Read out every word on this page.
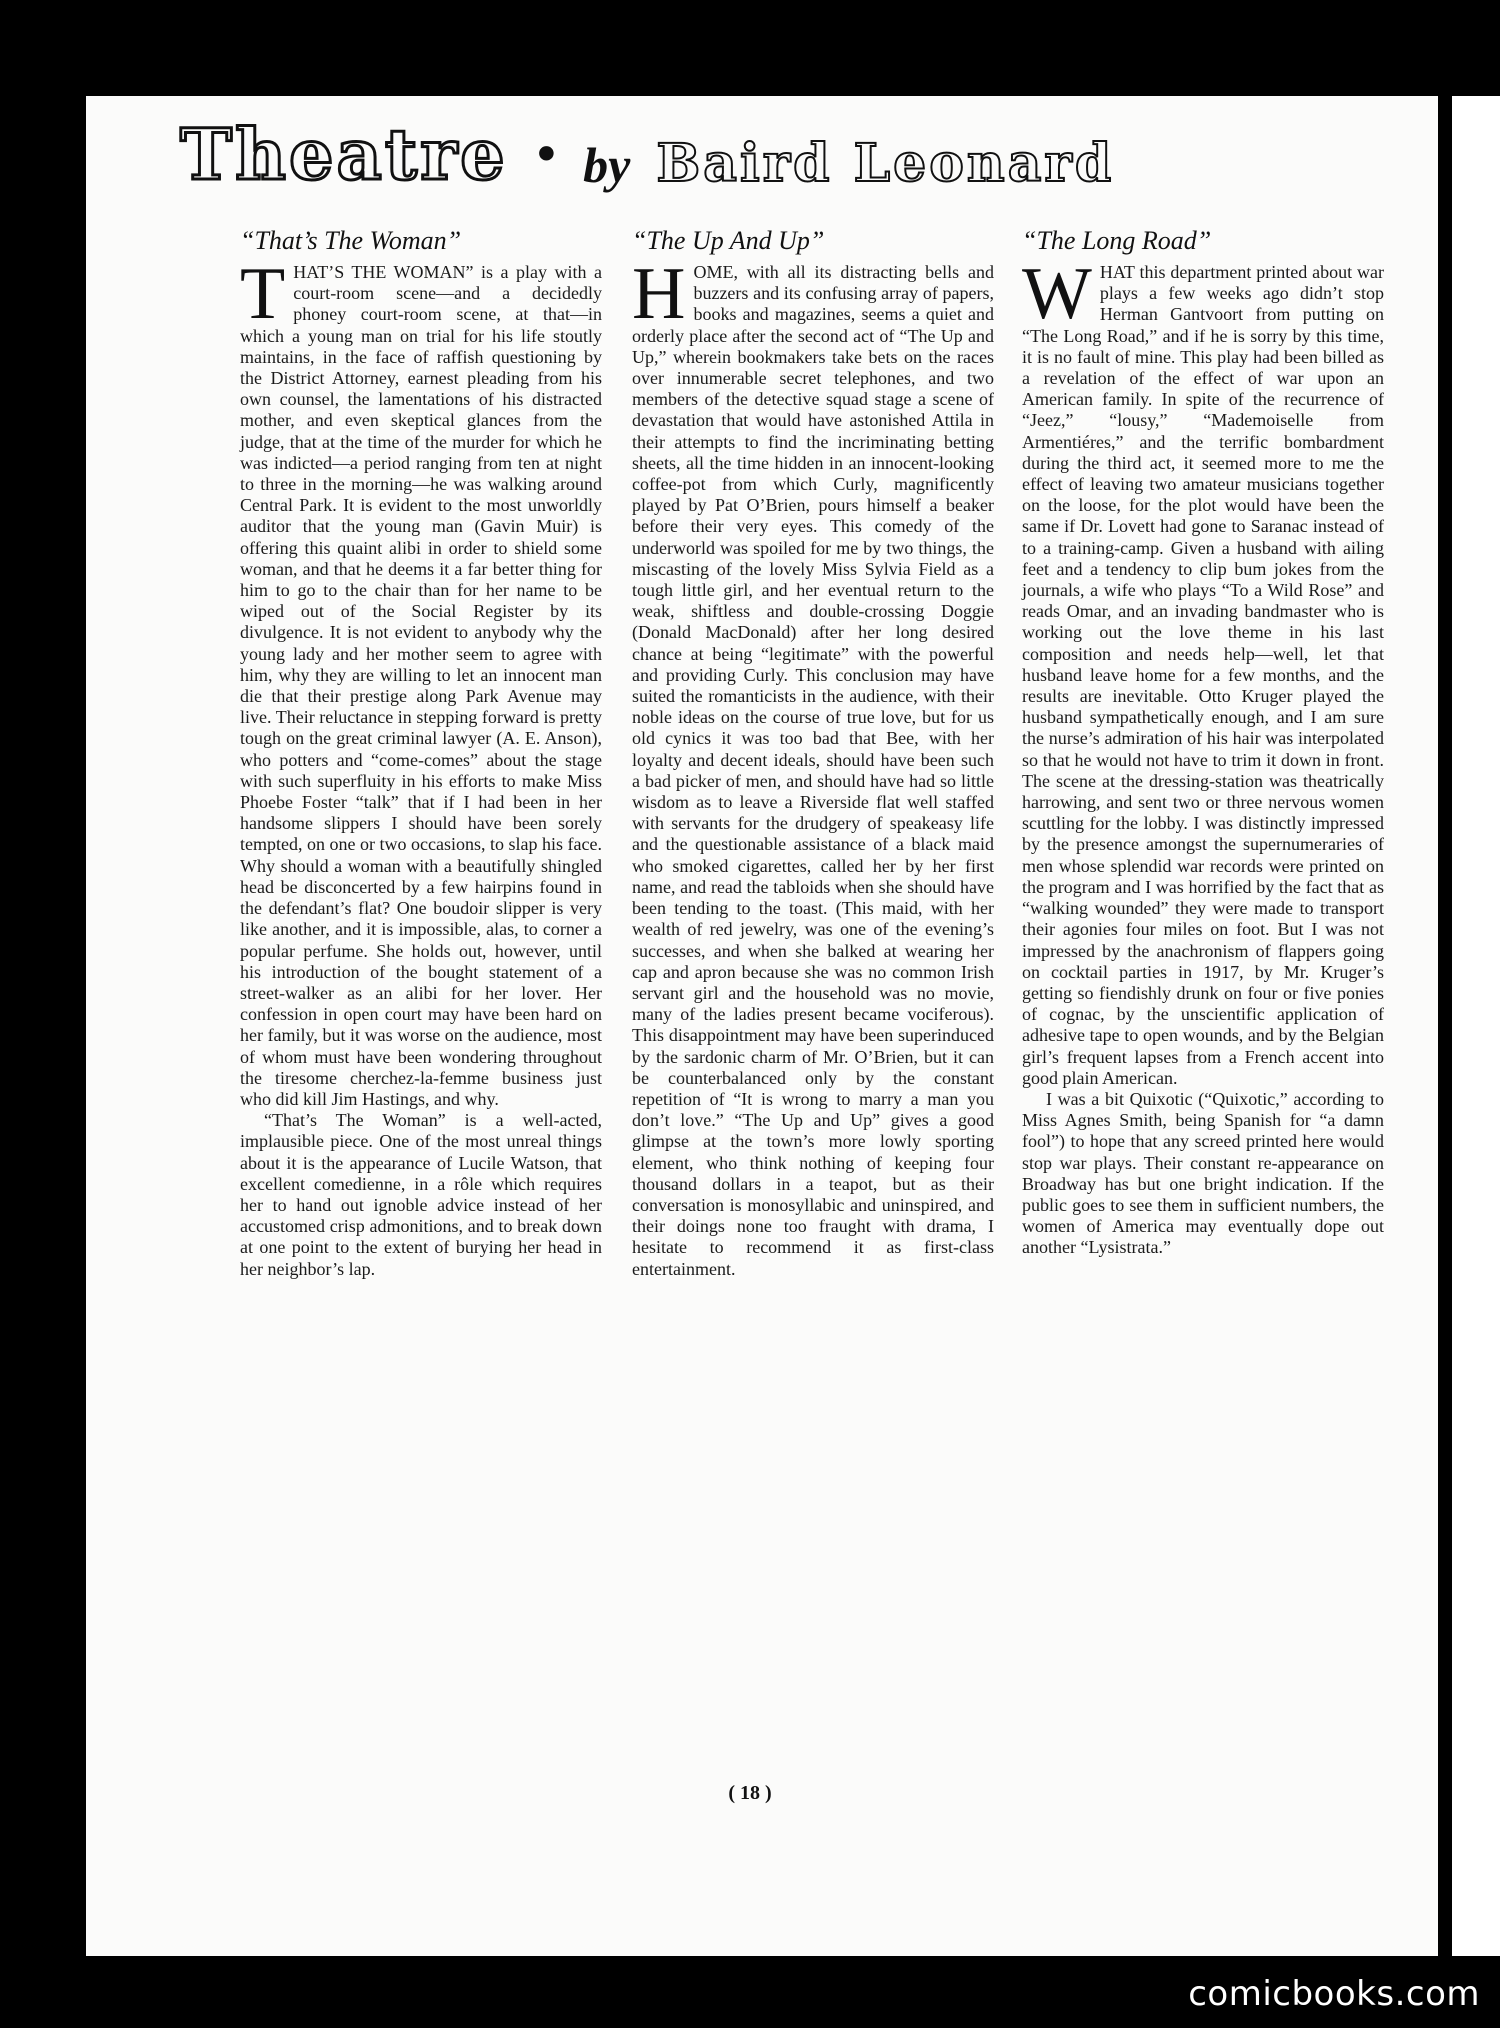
Theatre • by Baird Leonard
“That’s The Woman”
T HAT’S THE WOMAN” is a play with a court-room scene—and a decidedly phoney court-room scene, at that—in which a young man on trial for his life stoutly maintains, in the face of raffish questioning by the District Attorney, earnest pleading from his own counsel, the lamentations of his distracted mother, and even skeptical glances from the judge, that at the time of the murder for which he was indicted—a period ranging from ten at night to three in the morning—he was walking around Central Park. It is evident to the most unworldly auditor that the young man (Gavin Muir) is offering this quaint alibi in order to shield some woman, and that he deems it a far better thing for him to go to the chair than for her name to be wiped out of the Social Register by its divulgence. It is not evident to anybody why the young lady and her mother seem to agree with him, why they are willing to let an innocent man die that their prestige along Park Avenue may live. Their reluctance in stepping forward is pretty tough on the great criminal lawyer (A. E. Anson), who potters and “come-comes” about the stage with such superfluity in his efforts to make Miss Phoebe Foster “talk” that if I had been in her handsome slippers I should have been sorely tempted, on one or two occasions, to slap his face. Why should a woman with a beautifully shingled head be disconcerted by a few hairpins found in the defendant’s flat? One boudoir slipper is very like another, and it is impossible, alas, to corner a popular perfume. She holds out, however, until his introduction of the bought statement of a street-walker as an alibi for her lover. Her confession in open court may have been hard on her family, but it was worse on the audience, most of whom must have been wondering throughout the tiresome cherchez-la-femme business just who did kill Jim Hastings, and why.

“That’s The Woman” is a well-acted, implausible piece. One of the most unreal things about it is the appearance of Lucile Watson, that excellent comedienne, in a rôle which requires her to hand out ignoble advice instead of her accustomed crisp admonitions, and to break down at one point to the extent of burying her head in her neighbor’s lap.

“The Up And Up”
H OME, with all its distracting bells and buzzers and its confusing array of papers, books and magazines, seems a quiet and orderly place after the second act of “The Up and Up,” wherein bookmakers take bets on the races over innumerable secret telephones, and two members of the detective squad stage a scene of devastation that would have astonished Attila in their attempts to find the incriminating betting sheets, all the time hidden in an innocent-looking coffee-pot from which Curly, magnificently played by Pat O’Brien, pours himself a beaker before their very eyes. This comedy of the underworld was spoiled for me by two things, the miscasting of the lovely Miss Sylvia Field as a tough little girl, and her eventual return to the weak, shiftless and double-crossing Doggie (Donald MacDonald) after her long desired chance at being “legitimate” with the powerful and providing Curly. This conclusion may have suited the romanticists in the audience, with their noble ideas on the course of true love, but for us old cynics it was too bad that Bee, with her loyalty and decent ideals, should have been such a bad picker of men, and should have had so little wisdom as to leave a Riverside flat well staffed with servants for the drudgery of speakeasy life and the questionable assistance of a black maid who smoked cigarettes, called her by her first name, and read the tabloids when she should have been tending to the toast. (This maid, with her wealth of red jewelry, was one of the evening’s successes, and when she balked at wearing her cap and apron because she was no common Irish servant girl and the household was no movie, many of the ladies present became vociferous). This disappointment may have been superinduced by the sardonic charm of Mr. O’Brien, but it can be counterbalanced only by the constant repetition of “It is wrong to marry a man you don’t love.” “The Up and Up” gives a good glimpse at the town’s more lowly sporting element, who think nothing of keeping four thousand dollars in a teapot, but as their conversation is monosyllabic and uninspired, and their doings none too fraught with drama, I hesitate to recommend it as first-class entertainment.

“The Long Road”
W HAT this department printed about war plays a few weeks ago didn’t stop Herman Gantvoort from putting on “The Long Road,” and if he is sorry by this time, it is no fault of mine. This play had been billed as a revelation of the effect of war upon an American family. In spite of the recurrence of “Jeez,” “lousy,” “Mademoiselle from Armentiéres,” and the terrific bombardment during the third act, it seemed more to me the effect of leaving two amateur musicians together on the loose, for the plot would have been the same if Dr. Lovett had gone to Saranac instead of to a training-camp. Given a husband with ailing feet and a tendency to clip bum jokes from the journals, a wife who plays “To a Wild Rose” and reads Omar, and an invading bandmaster who is working out the love theme in his last composition and needs help—well, let that husband leave home for a few months, and the results are inevitable. Otto Kruger played the husband sympathetically enough, and I am sure the nurse’s admiration of his hair was interpolated so that he would not have to trim it down in front. The scene at the dressing-station was theatrically harrowing, and sent two or three nervous women scuttling for the lobby. I was distinctly impressed by the presence amongst the supernumeraries of men whose splendid war records were printed on the program and I was horrified by the fact that as “walking wounded” they were made to transport their agonies four miles on foot. But I was not impressed by the anachronism of flappers going on cocktail parties in 1917, by Mr. Kruger’s getting so fiendishly drunk on four or five ponies of cognac, by the unscientific application of adhesive tape to open wounds, and by the Belgian girl’s frequent lapses from a French accent into good plain American.

I was a bit Quixotic (“Quixotic,” according to Miss Agnes Smith, being Spanish for “a damn fool”) to hope that any screed printed here would stop war plays. Their constant re-appearance on Broadway has but one bright indication. If the public goes to see them in sufficient numbers, the women of America may eventually dope out another “Lysistrata.”

( 18 )
comicbooks.com
